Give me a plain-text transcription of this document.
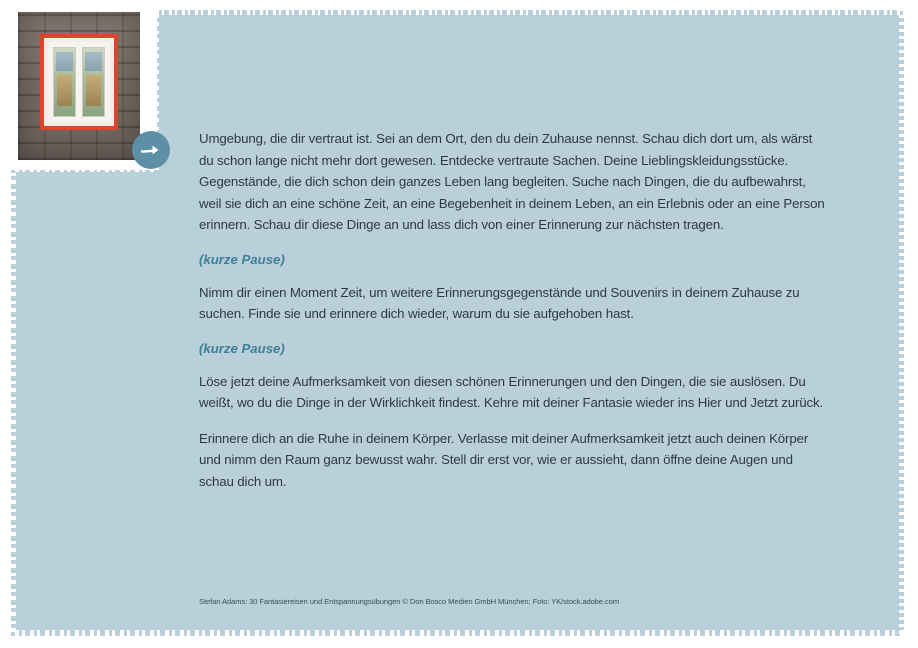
Umgebung, die dir vertraut ist. Sei an dem Ort, den du dein Zuhause nennst. Schau dich dort um, als wärst du schon lange nicht mehr dort gewesen. Entdecke vertraute Sachen. Deine Lieblingskleidungsstücke. Gegenstände, die dich schon dein ganzes Leben lang begleiten. Suche nach Dingen, die du aufbewahrst, weil sie dich an eine schöne Zeit, an eine Begebenheit in deinem Leben, an ein Erlebnis oder an eine Person erinnern. Schau dir diese Dinge an und lass dich von einer Erinnerung zur nächsten tragen.

(kurze Pause)

Nimm dir einen Moment Zeit, um weitere Erinnerungsgegenstände und Souvenirs in deinem Zuhause zu suchen. Finde sie und erinnere dich wieder, warum du sie aufgehoben hast.

(kurze Pause)

Löse jetzt deine Aufmerksamkeit von diesen schönen Erinnerungen und den Dingen, die sie auslösen. Du weißt, wo du die Dinge in der Wirklichkeit findest. Kehre mit deiner Fantasie wieder ins Hier und Jetzt zurück.

Erinnere dich an die Ruhe in deinem Körper. Verlasse mit deiner Aufmerksamkeit jetzt auch deinen Körper und nimm den Raum ganz bewusst wahr. Stell dir erst vor, wie er aussieht, dann öffne deine Augen und schau dich um.

Stefan Adams: 30 Fantasiereisen und Entspannungsübungen © Don Bosco Medien GmbH München; Foto: YK/stock.adobe.com
